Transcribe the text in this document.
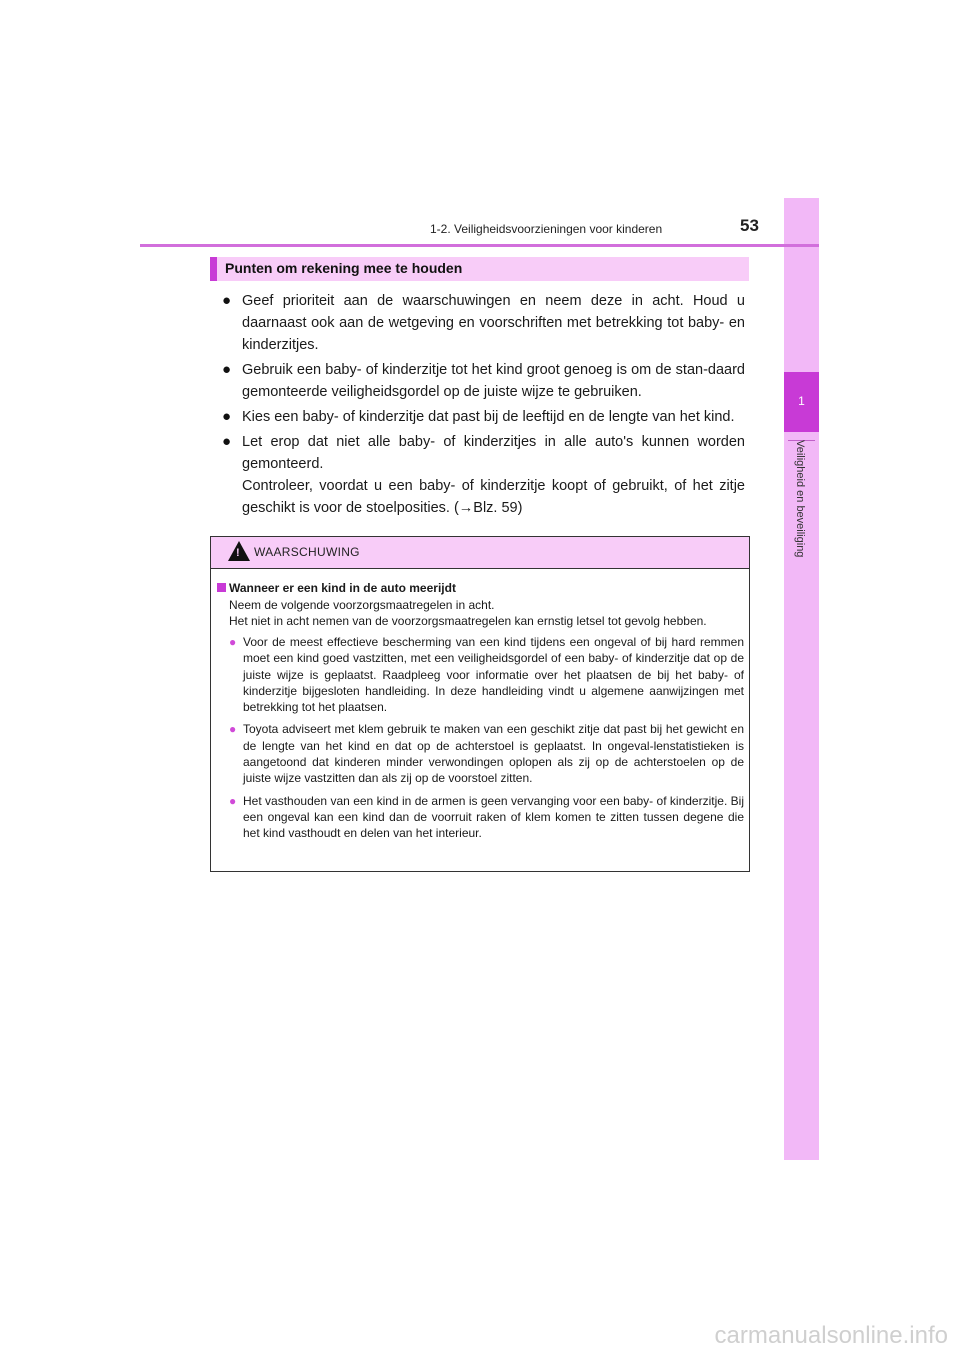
1
Veiligheid en beveiliging
1-2. Veiligheidsvoorzieningen voor kinderen	53
Punten om rekening mee te houden
● Geef prioriteit aan de waarschuwingen en neem deze in acht. Houd u daarnaast ook aan de wetgeving en voorschriften met betrekking tot baby- en kinderzitjes.

● Gebruik een baby- of kinderzitje tot het kind groot genoeg is om de stan-daard gemonteerde veiligheidsgordel op de juiste wijze te gebruiken.

● Kies een baby- of kinderzitje dat past bij de leeftijd en de lengte van het kind.

● Let erop dat niet alle baby- of kinderzitjes in alle auto's kunnen worden gemonteerd.

Controleer, voordat u een baby- of kinderzitje koopt of gebruikt, of het zitje geschikt is voor de stoelposities. (→Blz. 59)

! WAARSCHUWING
Wanneer er een kind in de auto meerijdt

Neem de volgende voorzorgsmaatregelen in acht.
Het niet in acht nemen van de voorzorgsmaatregelen kan ernstig letsel tot gevolg hebben.

● Voor de meest effectieve bescherming van een kind tijdens een ongeval of bij hard remmen moet een kind goed vastzitten, met een veiligheidsgordel of een baby- of kinderzitje dat op de juiste wijze is geplaatst. Raadpleeg voor informatie over het plaatsen de bij het baby- of kinderzitje bijgesloten handleiding. In deze handleiding vindt u algemene aanwijzingen met betrekking tot het plaatsen.
● Toyota adviseert met klem gebruik te maken van een geschikt zitje dat past bij het gewicht en de lengte van het kind en dat op de achterstoel is geplaatst. In ongeval-lenstatistieken is aangetoond dat kinderen minder verwondingen oplopen als zij op de achterstoelen op de juiste wijze vastzitten dan als zij op de voorstoel zitten.
● Het vasthouden van een kind in de armen is geen vervanging voor een baby- of kinderzitje. Bij een ongeval kan een kind dan de voorruit raken of klem komen te zitten tussen degene die het kind vasthoudt en delen van het interieur.
carmanualsonline.info
